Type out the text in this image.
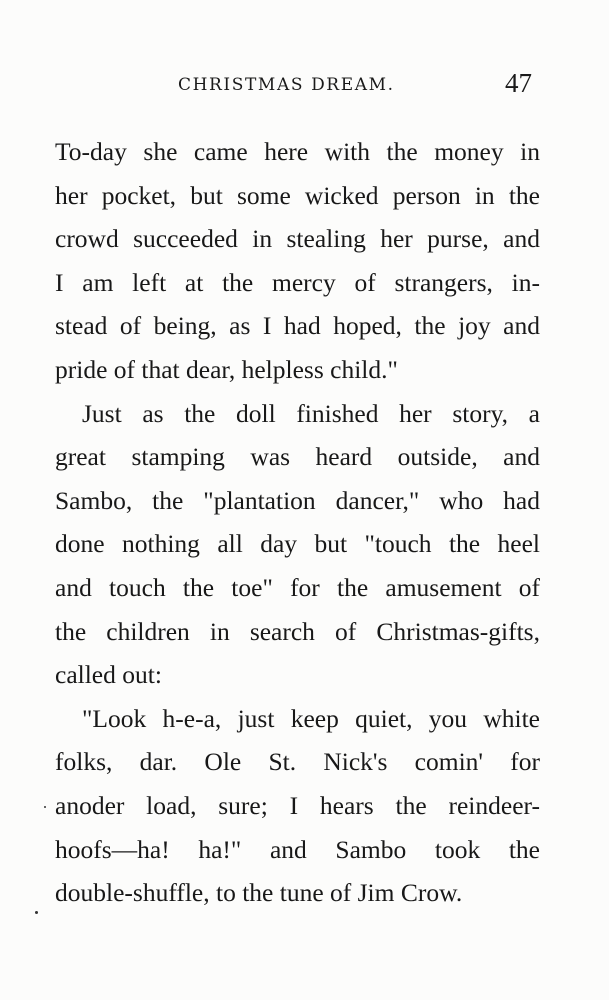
CHRISTMAS DREAM.	47
To-day she came here with the money in
her pocket, but some wicked person in the
crowd succeeded in stealing her purse, and
I am left at the mercy of strangers, in-
stead of being, as I had hoped, the joy and
pride of that dear, helpless child."
Just as the doll finished her story, a
great stamping was heard outside, and
Sambo, the "plantation dancer," who had
done nothing all day but "touch the heel
and touch the toe" for the amusement of
the children in search of Christmas-gifts,
called out:
"Look h-e-a, just keep quiet, you white
folks, dar. Ole St. Nick's comin' for
anoder load, sure; I hears the reindeer-
hoofs—ha! ha!" and Sambo took the
double-shuffle, to the tune of Jim Crow.
